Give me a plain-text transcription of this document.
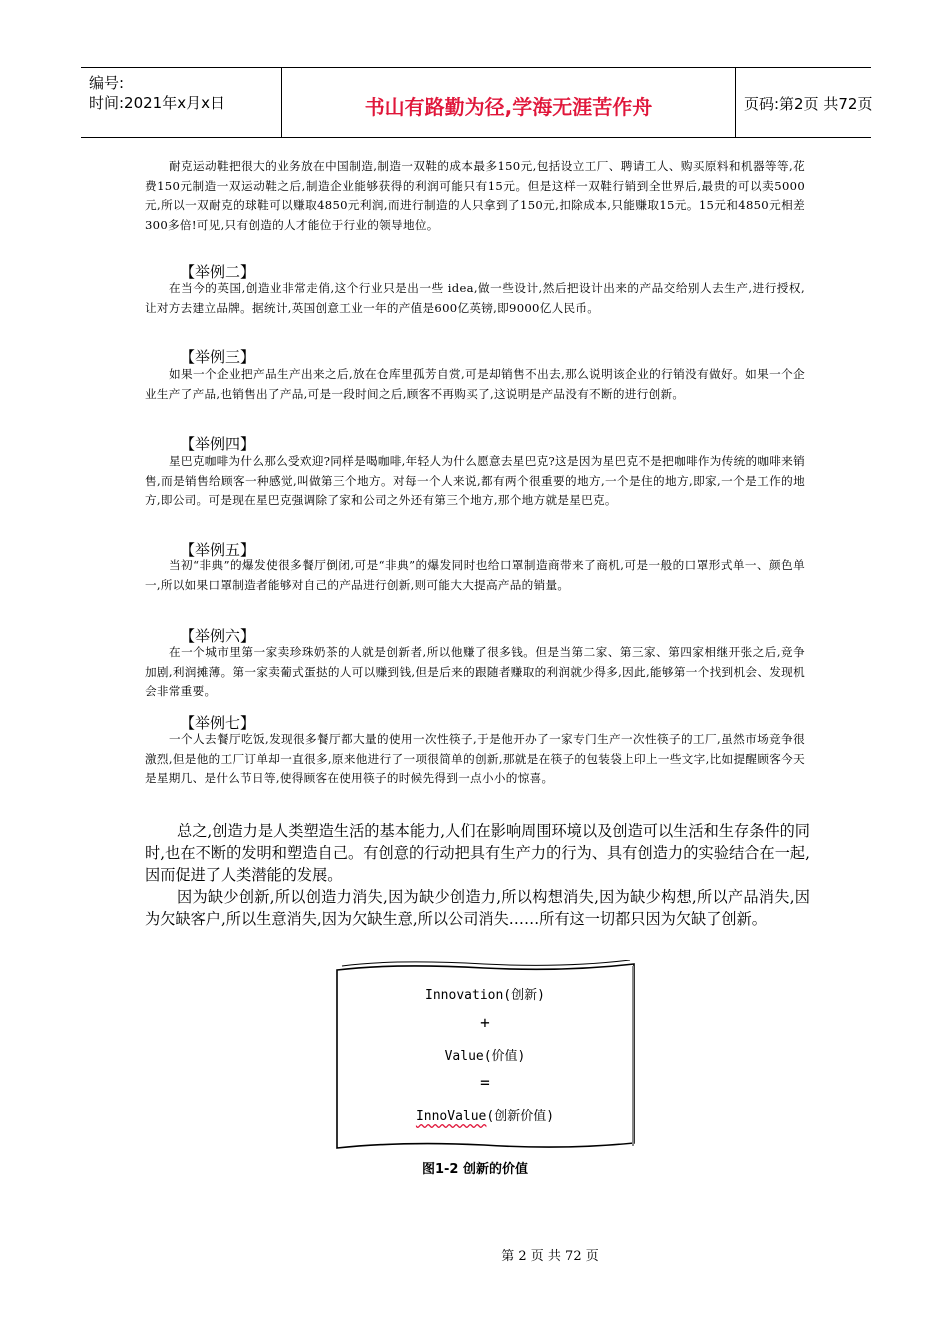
编号:
时间:2021年x月x日	书山有路勤为径,学海无涯苦作舟	页码:第2页 共72页
耐克运动鞋把很大的业务放在中国制造,制造一双鞋的成本最多150元,包括设立工厂、聘请工人、购买原料和机器等等,花费150元制造一双运动鞋之后,制造企业能够获得的利润可能只有15元。但是这样一双鞋行销到全世界后,最贵的可以卖5000元,所以一双耐克的球鞋可以赚取4850元利润,而进行制造的人只拿到了150元,扣除成本,只能赚取15元。15元和4850元相差300多倍!可见,只有创造的人才能位于行业的领导地位。
【举例二】
在当今的英国,创造业非常走俏,这个行业只是出一些 idea,做一些设计,然后把设计出来的产品交给别人去生产,进行授权,让对方去建立品牌。据统计,英国创意工业一年的产值是600亿英镑,即9000亿人民币。
【举例三】
如果一个企业把产品生产出来之后,放在仓库里孤芳自赏,可是却销售不出去,那么说明该企业的行销没有做好。如果一个企业生产了产品,也销售出了产品,可是一段时间之后,顾客不再购买了,这说明是产品没有不断的进行创新。
【举例四】
星巴克咖啡为什么那么受欢迎?同样是喝咖啡,年轻人为什么愿意去星巴克?这是因为星巴克不是把咖啡作为传统的咖啡来销售,而是销售给顾客一种感觉,叫做第三个地方。对每一个人来说,都有两个很重要的地方,一个是住的地方,即家,一个是工作的地方,即公司。可是现在星巴克强调除了家和公司之外还有第三个地方,那个地方就是星巴克。
【举例五】
当初“非典”的爆发使很多餐厅倒闭,可是“非典”的爆发同时也给口罩制造商带来了商机,可是一般的口罩形式单一、颜色单一,所以如果口罩制造者能够对自己的产品进行创新,则可能大大提高产品的销量。
【举例六】
在一个城市里第一家卖珍珠奶茶的人就是创新者,所以他赚了很多钱。但是当第二家、第三家、第四家相继开张之后,竞争加剧,利润摊薄。第一家卖葡式蛋挞的人可以赚到钱,但是后来的跟随者赚取的利润就少得多,因此,能够第一个找到机会、发现机会非常重要。
【举例七】
一个人去餐厅吃饭,发现很多餐厅都大量的使用一次性筷子,于是他开办了一家专门生产一次性筷子的工厂,虽然市场竞争很激烈,但是他的工厂订单却一直很多,原来他进行了一项很简单的创新,那就是在筷子的包装袋上印上一些文字,比如提醒顾客今天是星期几、是什么节日等,使得顾客在使用筷子的时候先得到一点小小的惊喜。
总之,创造力是人类塑造生活的基本能力,人们在影响周围环境以及创造可以生活和生存条件的同时,也在不断的发明和塑造自己。有创意的行动把具有生产力的行为、具有创造力的实验结合在一起,因而促进了人类潜能的发展。
因为缺少创新,所以创造力消失,因为缺少创造力,所以构想消失,因为缺少构想,所以产品消失,因为欠缺客户,所以生意消失,因为欠缺生意,所以公司消失……所有这一切都只因为欠缺了创新。
Innovation(创新)
+
Value(价值)
=
InnoValue(创新价值)
图1-2 创新的价值
第 2 页 共 72 页
